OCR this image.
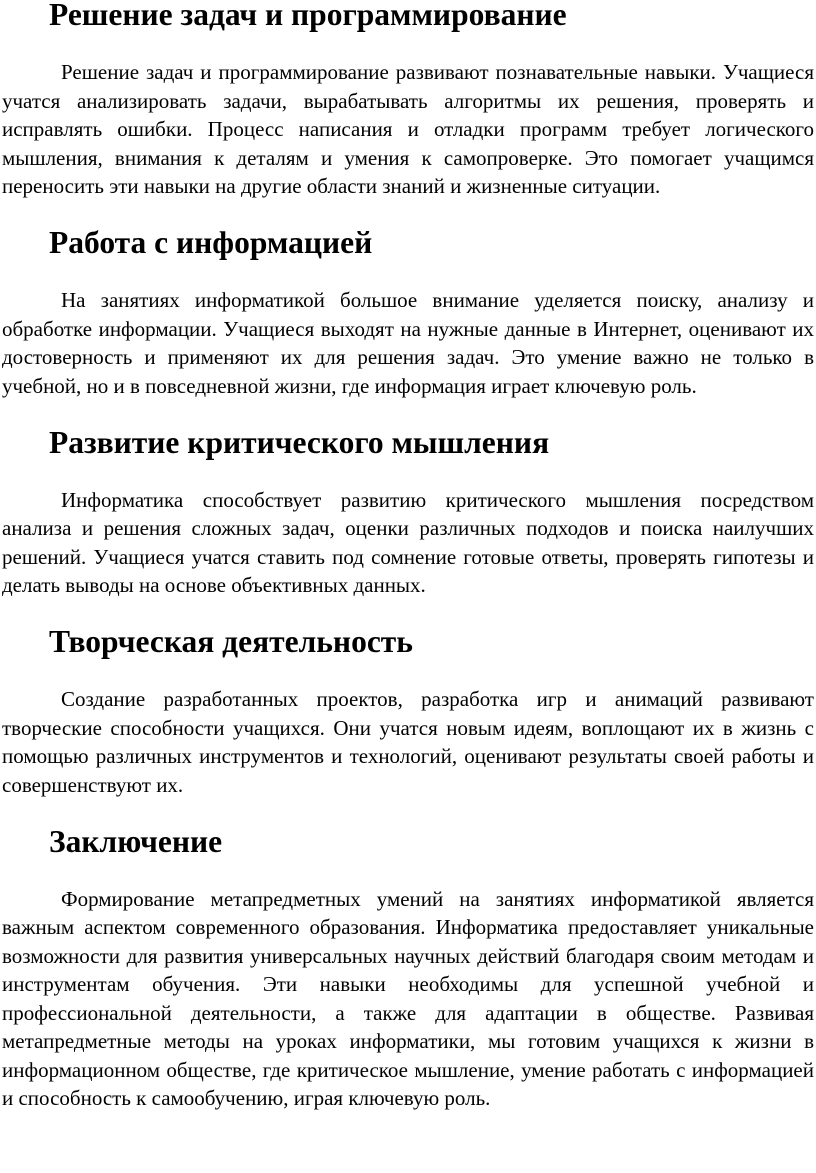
Решение задач и программирование

Решение задач и программирование развивают познавательные навыки. Учащиеся учатся анализировать задачи, вырабатывать алгоритмы их решения, проверять и исправлять ошибки. Процесс написания и отладки программ требует логического мышления, внимания к деталям и умения к самопроверке. Это помогает учащимся переносить эти навыки на другие области знаний и жизненные ситуации.

Работа с информацией

На занятиях информатикой большое внимание уделяется поиску, анализу и обработке информации. Учащиеся выходят на нужные данные в Интернет, оценивают их достоверность и применяют их для решения задач. Это умение важно не только в учебной, но и в повседневной жизни, где информация играет ключевую роль.

Развитие критического мышления

Информатика способствует развитию критического мышления посредством анализа и решения сложных задач, оценки различных подходов и поиска наилучших решений. Учащиеся учатся ставить под сомнение готовые ответы, проверять гипотезы и делать выводы на основе объективных данных.

Творческая деятельность

Создание разработанных проектов, разработка игр и анимаций развивают творческие способности учащихся. Они учатся новым идеям, воплощают их в жизнь с помощью различных инструментов и технологий, оценивают результаты своей работы и совершенствуют их.

Заключение

Формирование метапредметных умений на занятиях информатикой является важным аспектом современного образования. Информатика предоставляет уникальные возможности для развития универсальных научных действий благодаря своим методам и инструментам обучения. Эти навыки необходимы для успешной учебной и профессиональной деятельности, а также для адаптации в обществе. Развивая метапредметные методы на уроках информатики, мы готовим учащихся к жизни в информационном обществе, где критическое мышление, умение работать с информацией и способность к самообучению, играя ключевую роль.
